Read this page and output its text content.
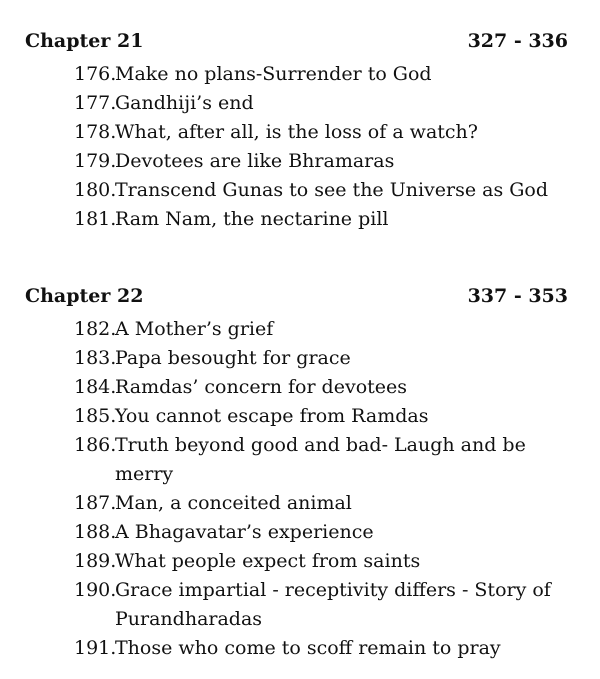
Chapter 21	327 - 336
176.
Make no plans-Surrender to God
177.
Gandhiji’s end
178.
What, after all, is the loss of a watch?
179.
Devotees are like Bhramaras
180.
Transcend Gunas to see the Universe as God
181.
Ram Nam, the nectarine pill
Chapter 22	337 - 353
182.
A Mother’s grief
183.
Papa besought for grace
184.
Ramdas’ concern for devotees
185.
You cannot escape from Ramdas
186.
Truth beyond good and bad- Laugh and be merry
187.
Man, a conceited animal
188.
A Bhagavatar’s experience
189.
What people expect from saints
190.
Grace impartial - receptivity differs - Story of Purandharadas
191.
Those who come to scoff remain to pray
